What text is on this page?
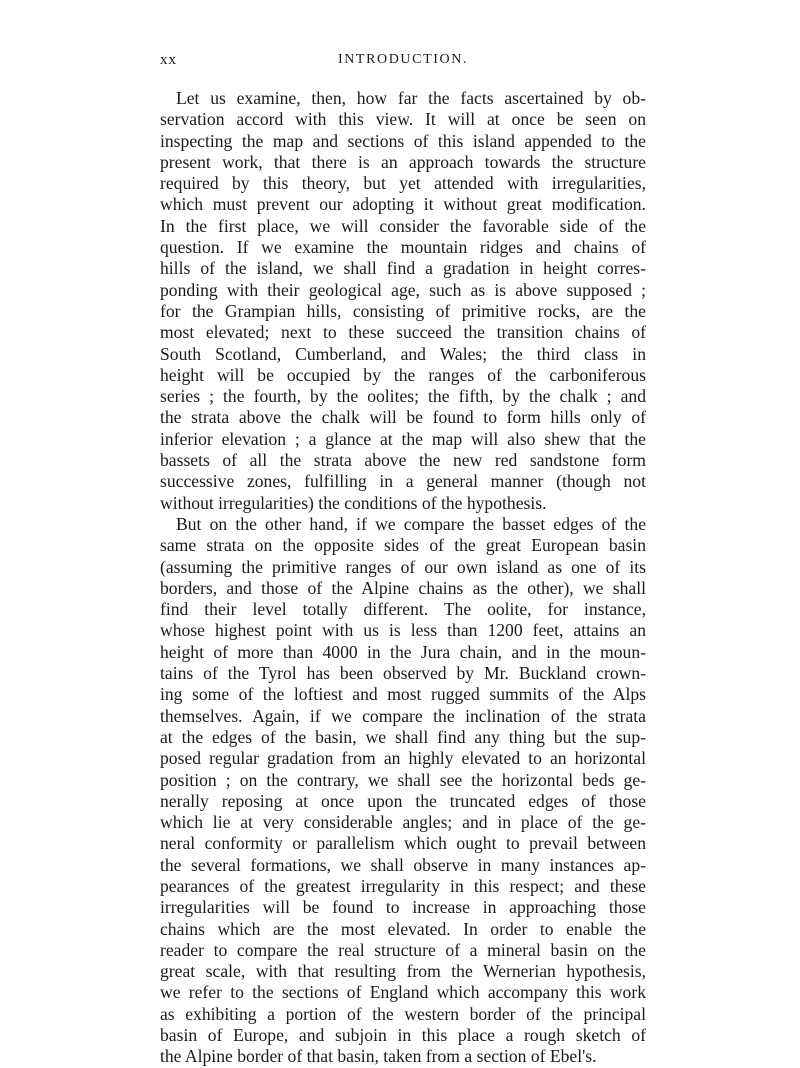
xx	INTRODUCTION.
Let us examine, then, how far the facts ascertained by ob-
servation accord with this view. It will at once be seen on
inspecting the map and sections of this island appended to the
present work, that there is an approach towards the structure
required by this theory, but yet attended with irregularities,
which must prevent our adopting it without great modification.
In the first place, we will consider the favorable side of the
question. If we examine the mountain ridges and chains of
hills of the island, we shall find a gradation in height corres-
ponding with their geological age, such as is above supposed ;
for the Grampian hills, consisting of primitive rocks, are the
most elevated; next to these succeed the transition chains of
South Scotland, Cumberland, and Wales; the third class in
height will be occupied by the ranges of the carboniferous
series ; the fourth, by the oolites; the fifth, by the chalk ; and
the strata above the chalk will be found to form hills only of
inferior elevation ; a glance at the map will also shew that the
bassets of all the strata above the new red sandstone form
successive zones, fulfilling in a general manner (though not
without irregularities) the conditions of the hypothesis.
But on the other hand, if we compare the basset edges of the
same strata on the opposite sides of the great European basin
(assuming the primitive ranges of our own island as one of its
borders, and those of the Alpine chains as the other), we shall
find their level totally different. The oolite, for instance,
whose highest point with us is less than 1200 feet, attains an
height of more than 4000 in the Jura chain, and in the moun-
tains of the Tyrol has been observed by Mr. Buckland crown-
ing some of the loftiest and most rugged summits of the Alps
themselves. Again, if we compare the inclination of the strata
at the edges of the basin, we shall find any thing but the sup-
posed regular gradation from an highly elevated to an horizontal
position ; on the contrary, we shall see the horizontal beds ge-
nerally reposing at once upon the truncated edges of those
which lie at very considerable angles; and in place of the ge-
neral conformity or parallelism which ought to prevail between
the several formations, we shall observe in many instances ap-
pearances of the greatest irregularity in this respect; and these
irregularities will be found to increase in approaching those
chains which are the most elevated. In order to enable the
reader to compare the real structure of a mineral basin on the
great scale, with that resulting from the Wernerian hypothesis,
we refer to the sections of England which accompany this work
as exhibiting a portion of the western border of the principal
basin of Europe, and subjoin in this place a rough sketch of
the Alpine border of that basin, taken from a section of Ebel's.
